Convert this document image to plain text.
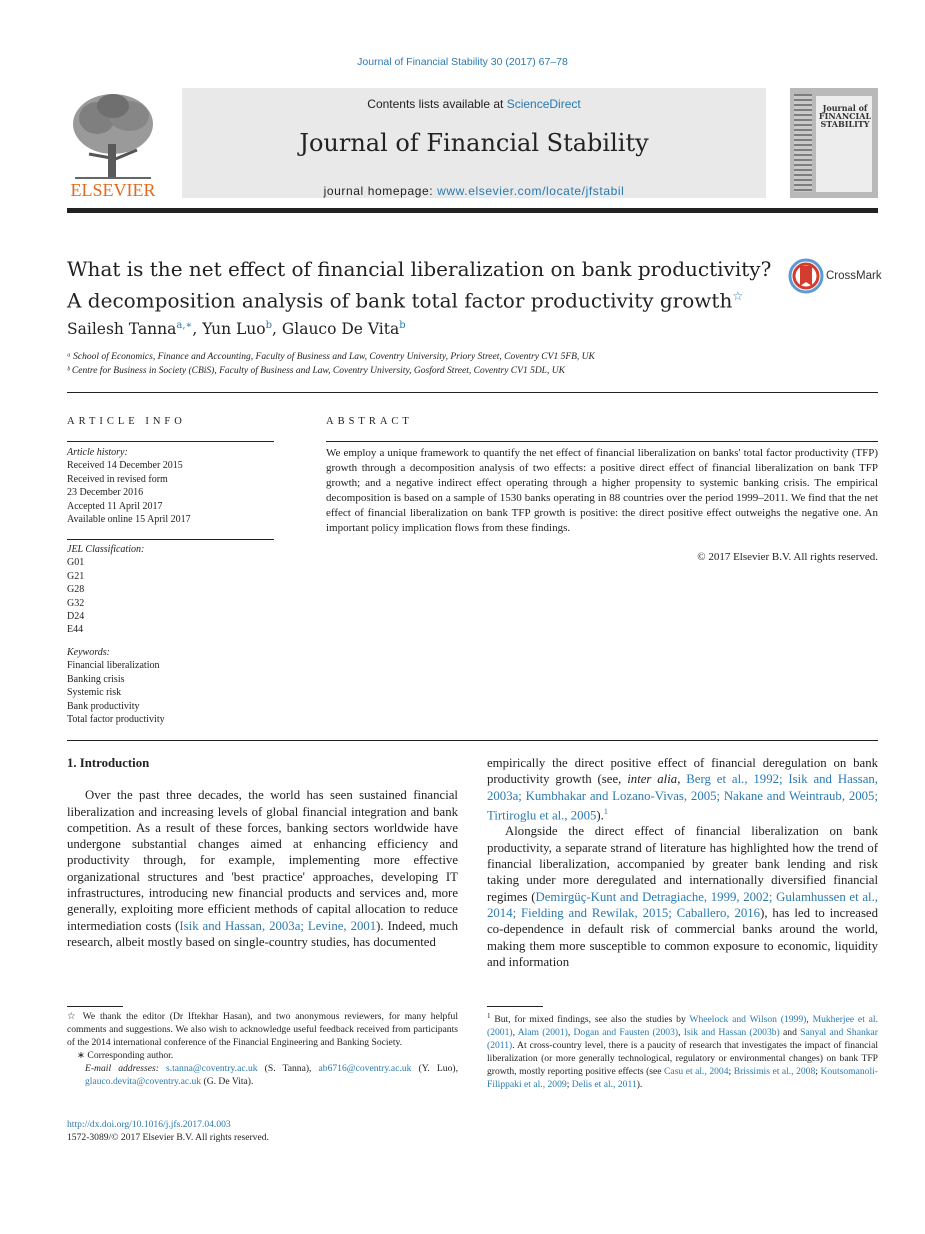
Journal of Financial Stability 30 (2017) 67–78
ELSEVIER
Contents lists available at ScienceDirect
Journal of Financial Stability
journal homepage: www.elsevier.com/locate/jfstabil
Journal of FINANCIAL STABILITY
What is the net effect of financial liberalization on bank productivity?
A decomposition analysis of bank total factor productivity growth☆
CrossMark
Sailesh Tanna$^{a,∗}$, Yun Luo$^b$, Glauco De Vita$^b$
ᵃ School of Economics, Finance and Accounting, Faculty of Business and Law, Coventry University, Priory Street, Coventry CV1 5FB, UK
ᵇ Centre for Business in Society (CBiS), Faculty of Business and Law, Coventry University, Gosford Street, Coventry CV1 5DL, UK
ARTICLE INFO	ABSTRACT
Article history:
Received 14 December 2015
Received in revised form
23 December 2016
Accepted 11 April 2017
Available online 15 April 2017
JEL Classification:
G01
G21
G28
G32
D24
E44
Keywords:
Financial liberalization
Banking crisis
Systemic risk
Bank productivity
Total factor productivity
We employ a unique framework to quantify the net effect of financial liberalization on banks' total factor productivity (TFP) growth through a decomposition analysis of two effects: a positive direct effect of financial liberalization on bank TFP growth; and a negative indirect effect operating through a higher propensity to systemic banking crisis. The empirical decomposition is based on a sample of 1530 banks operating in 88 countries over the period 1999–2011. We find that the net effect of financial liberalization on bank TFP growth is positive: the direct positive effect outweighs the negative one. An important policy implication flows from these findings.
© 2017 Elsevier B.V. All rights reserved.

1. Introduction

Over the past three decades, the world has seen sustained financial liberalization and increasing levels of global financial integration and bank competition. As a result of these forces, banking sectors worldwide have undergone substantial changes aimed at enhancing efficiency and productivity through, for example, implementing more effective organizational structures and 'best practice' approaches, developing IT infrastructures, introducing new financial products and services and, more generally, exploiting more efficient methods of capital allocation to reduce intermediation costs (Isik and Hassan, 2003a; Levine, 2001). Indeed, much research, albeit mostly based on single-country studies, has documented

empirically the direct positive effect of financial deregulation on bank productivity growth (see, inter alia, Berg et al., 1992; Isik and Hassan, 2003a; Kumbhakar and Lozano-Vivas, 2005; Nakane and Weintraub, 2005; Tirtiroglu et al., 2005).$^1$

Alongside the direct effect of financial liberalization on bank productivity, a separate strand of literature has highlighted how the trend of financial liberalization, accompanied by greater bank lending and risk taking under more deregulated and internationally diversified financial regimes (Demirgüç-Kunt and Detragiache, 1999, 2002; Gulamhussen et al., 2014; Fielding and Rewilak, 2015; Caballero, 2016), has led to increased co-dependence in default risk of commercial banks around the world, making them more susceptible to common exposure to economic, liquidity and information

☆ We thank the editor (Dr Iftekhar Hasan), and two anonymous reviewers, for many helpful comments and suggestions. We also wish to acknowledge useful feedback received from participants of the 2014 international conference of the Financial Engineering and Banking Society.

∗ Corresponding author.

E-mail addresses: s.tanna@coventry.ac.uk (S. Tanna), ab6716@coventry.ac.uk (Y. Luo), glauco.devita@coventry.ac.uk (G. De Vita).

$^1$ But, for mixed findings, see also the studies by Wheelock and Wilson (1999), Mukherjee et al. (2001), Alam (2001), Dogan and Fausten (2003), Isik and Hassan (2003b) and Sanyal and Shankar (2011). At cross-country level, there is a paucity of research that investigates the impact of financial liberalization (or more generally technological, regulatory or environmental changes) on bank TFP growth, mostly reporting positive effects (see Casu et al., 2004; Brissimis et al., 2008; Koutsomanoli-Filippaki et al., 2009; Delis et al., 2011).

http://dx.doi.org/10.1016/j.jfs.2017.04.003
1572-3089/© 2017 Elsevier B.V. All rights reserved.
